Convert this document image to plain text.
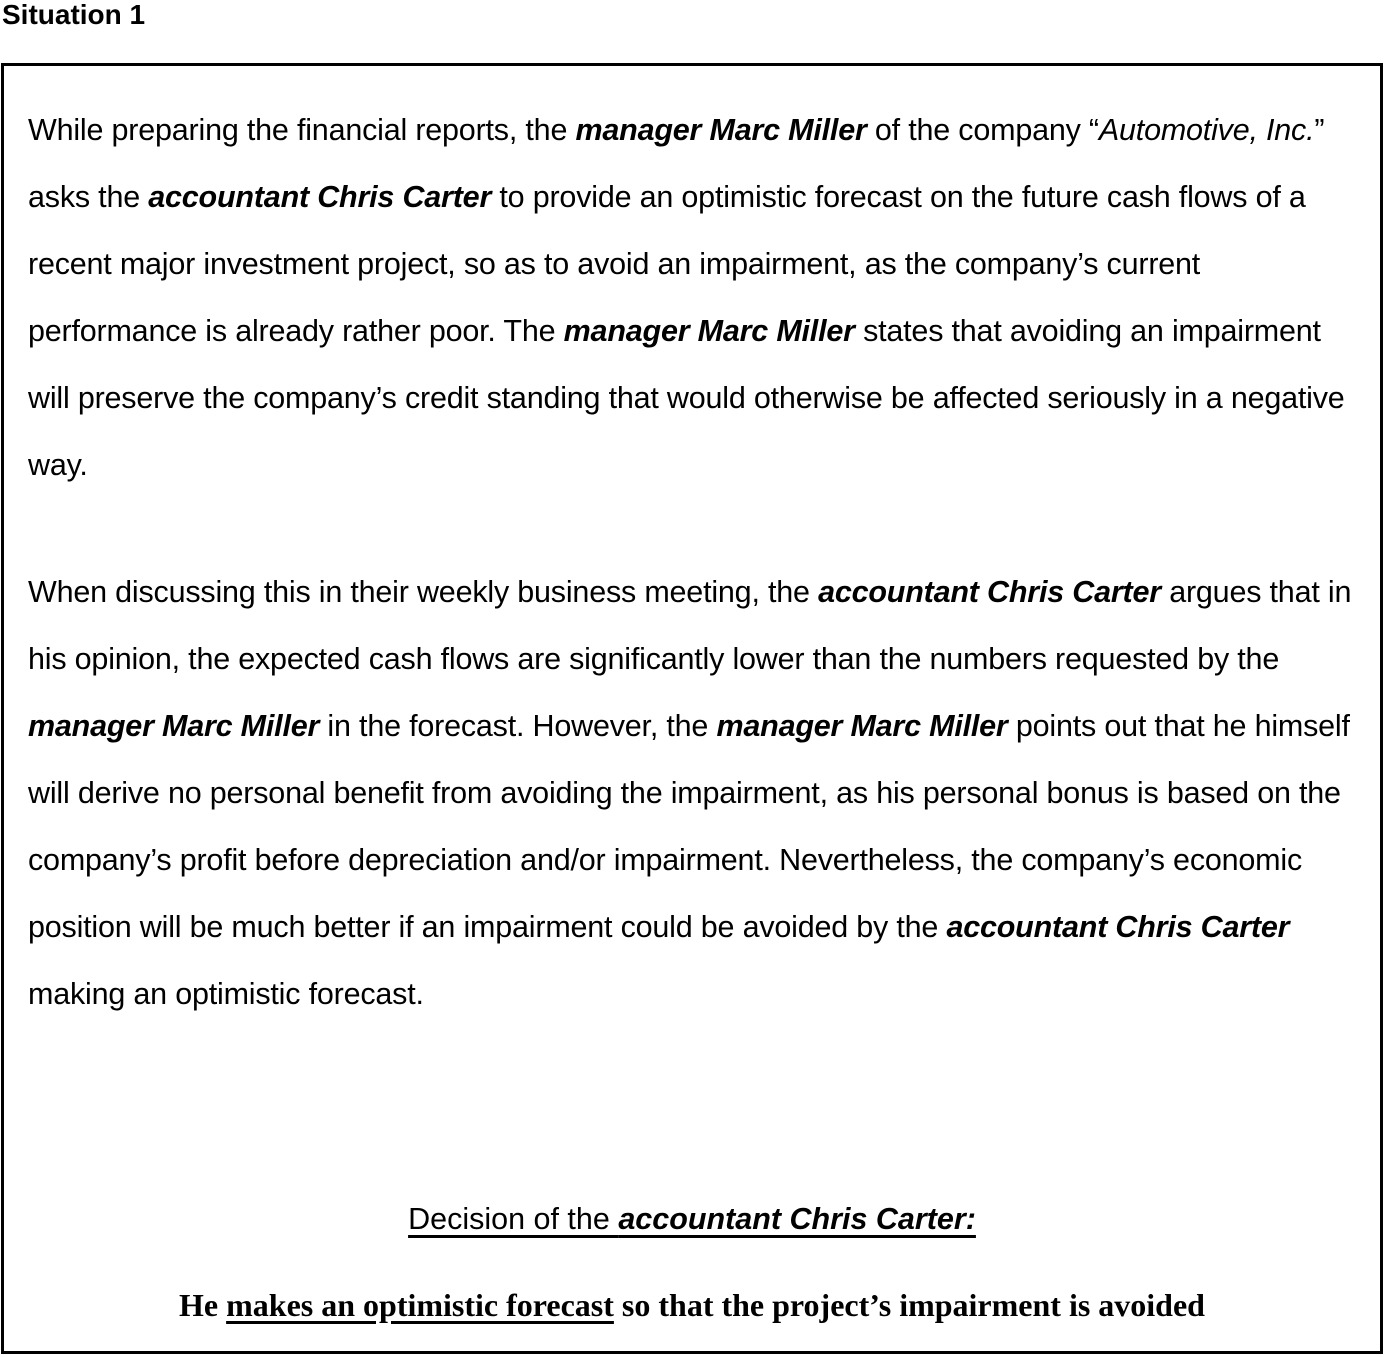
Situation 1

While preparing the financial reports, the manager Marc Miller of the company “Automotive, Inc.” asks the accountant Chris Carter to provide an optimistic forecast on the future cash flows of a recent major investment project, so as to avoid an impairment, as the company’s current performance is already rather poor. The manager Marc Miller states that avoiding an impairment will preserve the company’s credit standing that would otherwise be affected seriously in a negative way.

When discussing this in their weekly business meeting, the accountant Chris Carter argues that in his opinion, the expected cash flows are significantly lower than the numbers requested by the manager Marc Miller in the forecast. However, the manager Marc Miller points out that he himself will derive no personal benefit from avoiding the impairment, as his personal bonus is based on the company’s profit before depreciation and/or impairment. Nevertheless, the company’s economic position will be much better if an impairment could be avoided by the accountant Chris Carter making an optimistic forecast.

Decision of the accountant Chris Carter:

He makes an optimistic forecast so that the project’s impairment is avoided
